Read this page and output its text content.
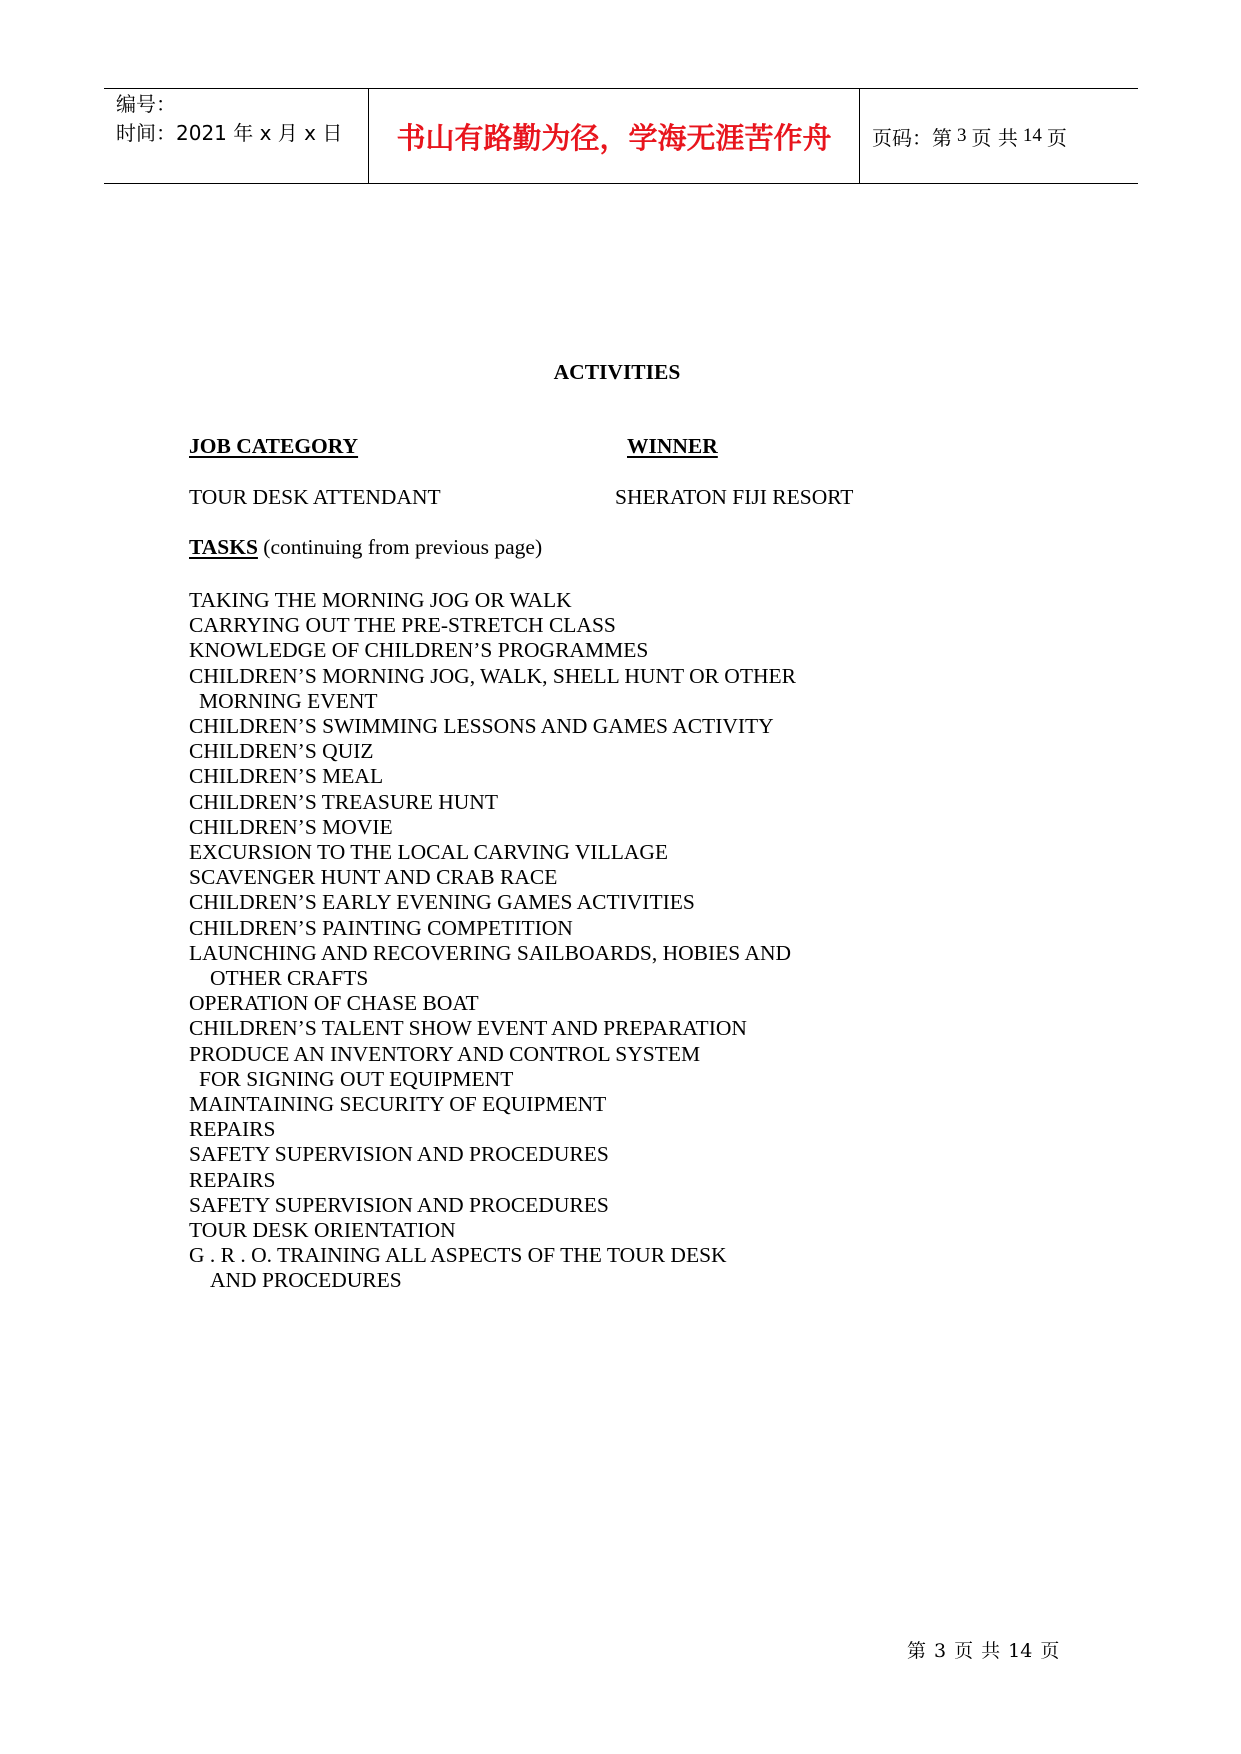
编号：
时间：2021 年 x 月 x 日	书山有路勤为径，学海无涯苦作舟	页码：第 3 页 共 14 页
ACTIVITIES
JOB CATEGORY	WINNER
TOUR DESK ATTENDANT	SHERATON FIJI RESORT
TASKS (continuing from previous page)
TAKING THE MORNING JOG OR WALK
CARRYING OUT THE PRE-STRETCH CLASS
KNOWLEDGE OF CHILDREN’S PROGRAMMES
CHILDREN’S MORNING JOG, WALK, SHELL HUNT OR OTHER
MORNING EVENT
CHILDREN’S SWIMMING LESSONS AND GAMES ACTIVITY
CHILDREN’S QUIZ
CHILDREN’S MEAL
CHILDREN’S TREASURE HUNT
CHILDREN’S MOVIE
EXCURSION TO THE LOCAL CARVING VILLAGE
SCAVENGER HUNT AND CRAB RACE
CHILDREN’S EARLY EVENING GAMES ACTIVITIES
CHILDREN’S PAINTING COMPETITION
LAUNCHING AND RECOVERING SAILBOARDS, HOBIES AND
OTHER CRAFTS
OPERATION OF CHASE BOAT
CHILDREN’S TALENT SHOW EVENT AND PREPARATION
PRODUCE AN INVENTORY AND CONTROL SYSTEM
FOR SIGNING OUT EQUIPMENT
MAINTAINING SECURITY OF EQUIPMENT
REPAIRS
SAFETY SUPERVISION AND PROCEDURES
REPAIRS
SAFETY SUPERVISION AND PROCEDURES
TOUR DESK ORIENTATION
G . R . O. TRAINING ALL ASPECTS OF THE TOUR DESK
AND PROCEDURES
第 3 页 共 14 页
